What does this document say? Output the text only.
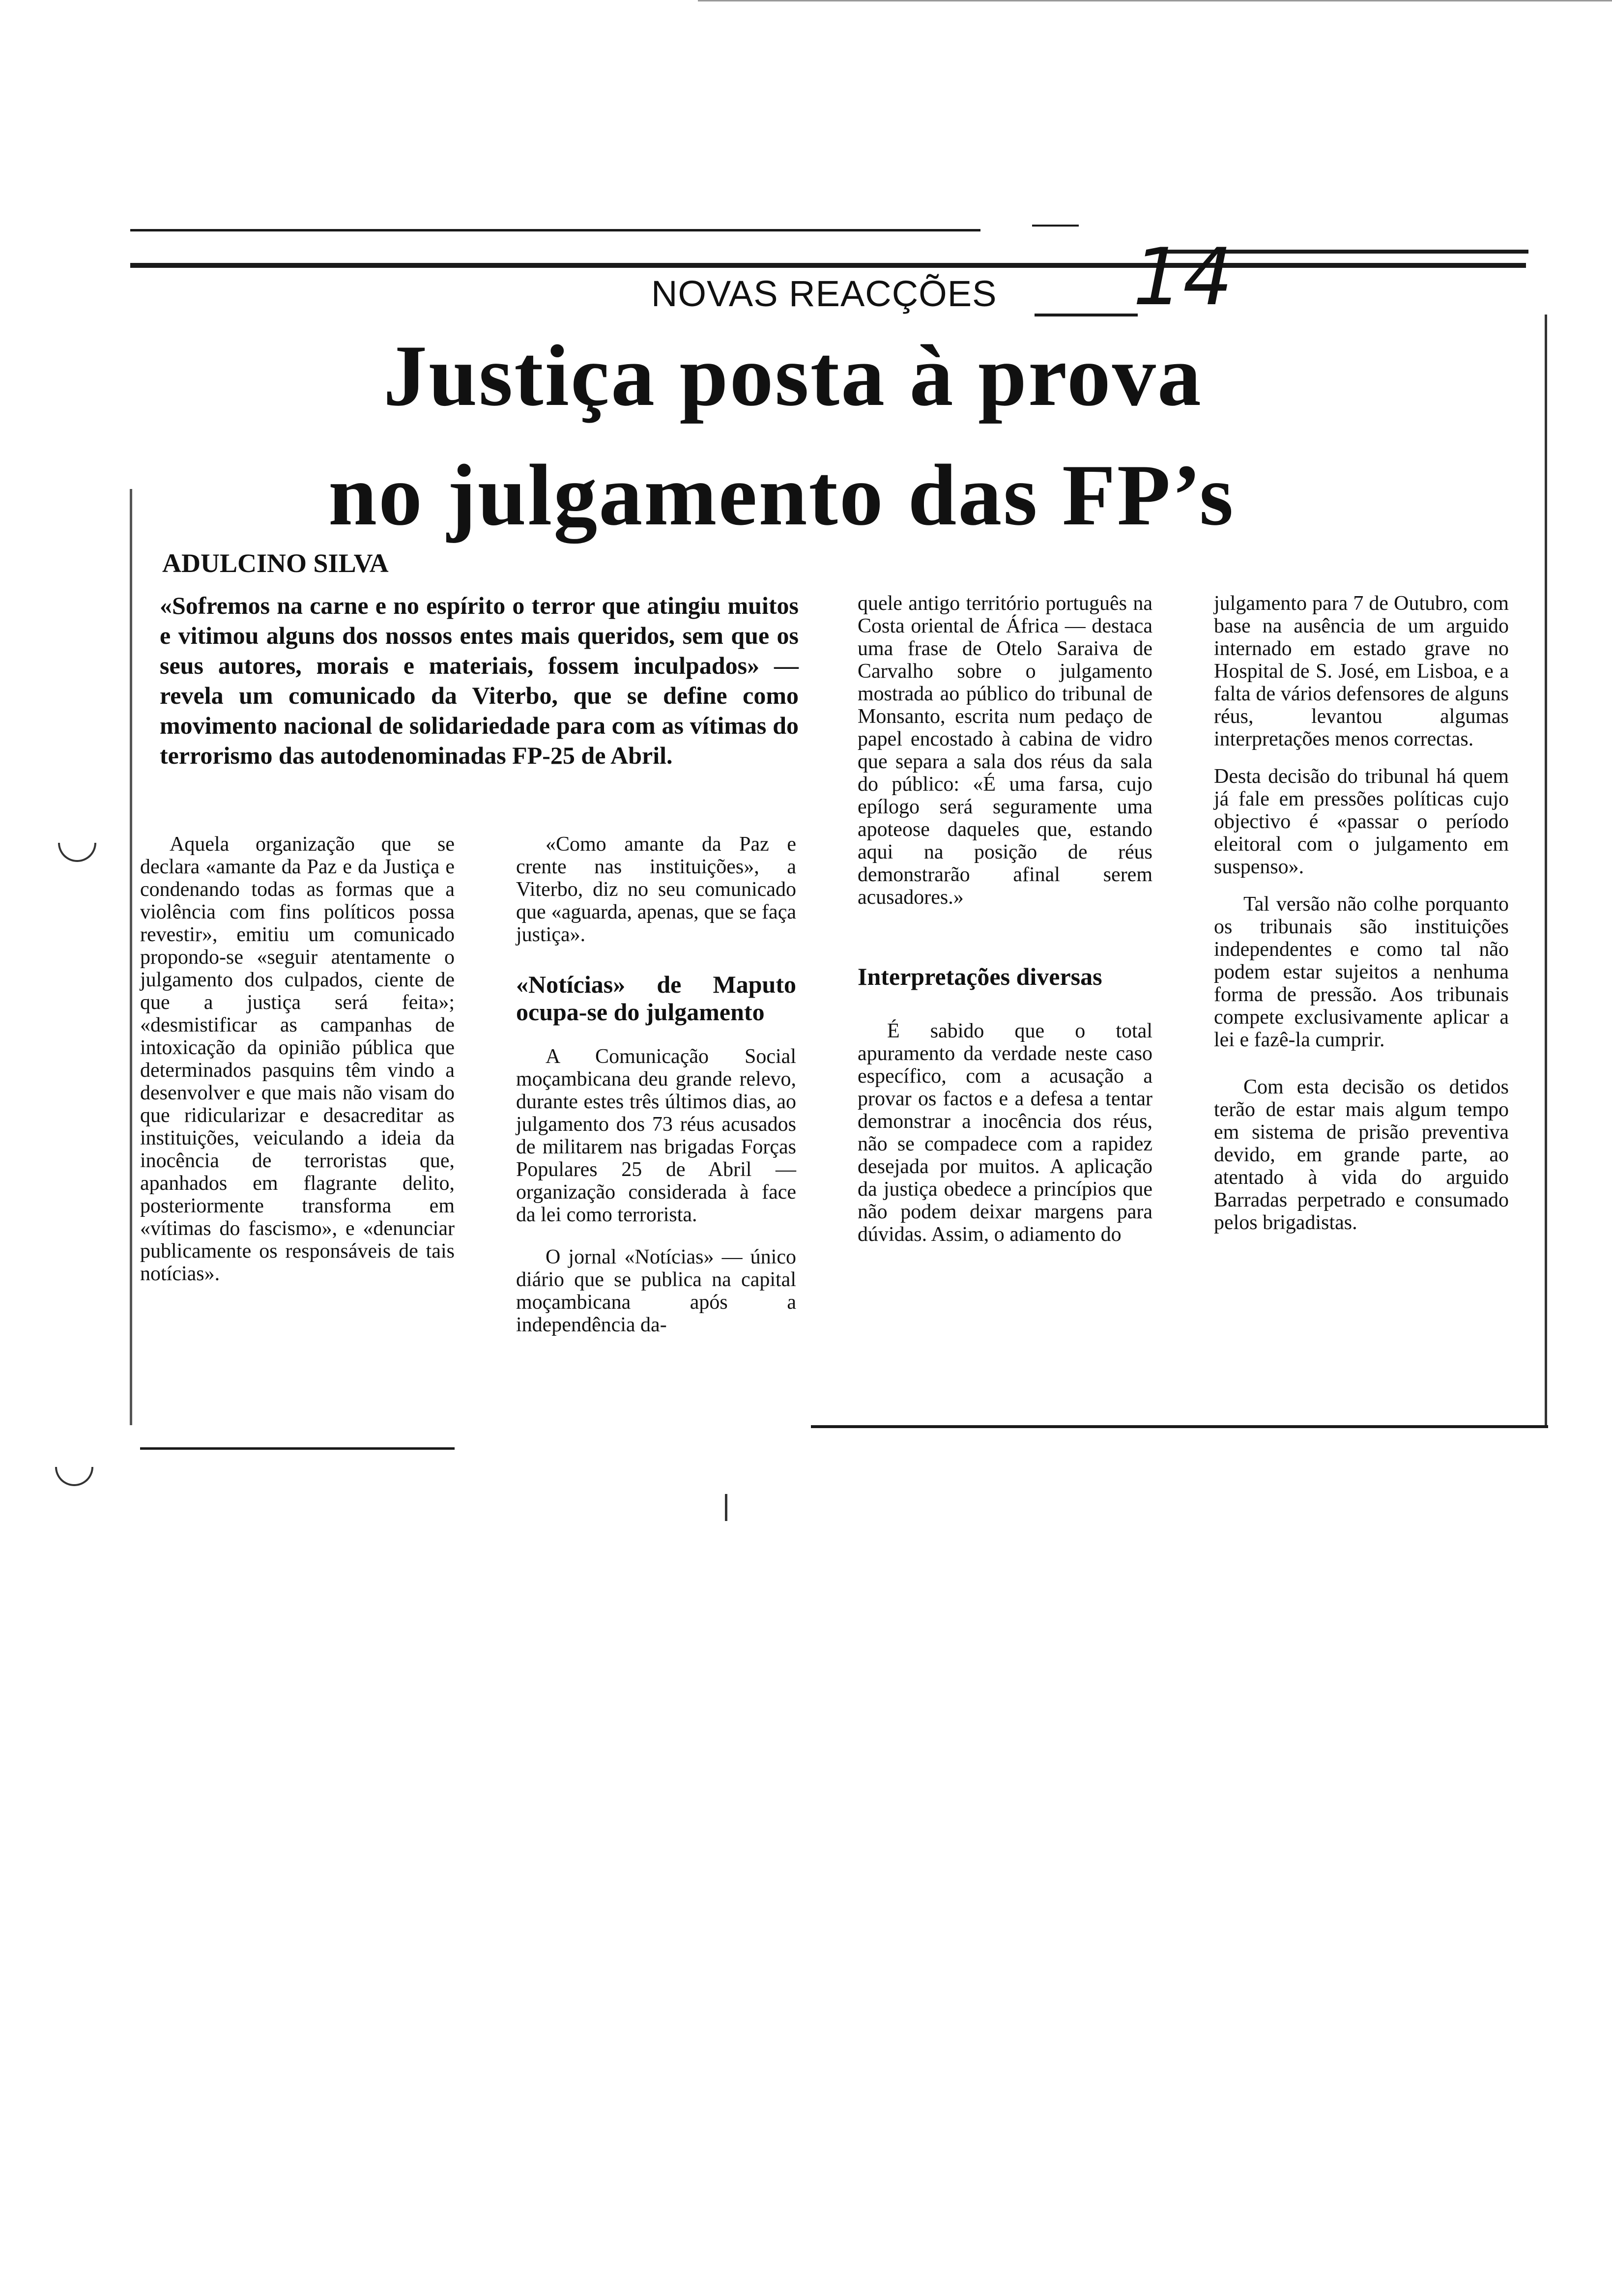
NOVAS REACÇÕES 14
Justiça posta à prova
no julgamento das FP’s
ADULCINO SILVA
«Sofremos na carne e no espírito o terror que atingiu muitos e vitimou alguns dos nossos entes mais queridos, sem que os seus autores, morais e materiais, fossem inculpados» — revela um comunicado da Viterbo, que se define como movimento nacional de solidariedade para com as vítimas do terrorismo das autodenominadas FP-25 de Abril.

Aquela organização que se declara «amante da Paz e da Justiça e condenando todas as formas que a violência com fins políticos possa revestir», emitiu um comunicado propondo-se «seguir atentamente o julgamento dos culpados, ciente de que a justiça será feita»; «desmistificar as campanhas de intoxicação da opinião pública que determinados pasquins têm vindo a desenvolver e que mais não visam do que ridicularizar e desacreditar as instituições, veiculando a ideia da inocência de terroristas que, apanhados em flagrante delito, posteriormente transforma em «vítimas do fascismo», e «denunciar publicamente os responsáveis de tais notícias».

«Como amante da Paz e crente nas instituições», a Viterbo, diz no seu comunicado que «aguarda, apenas, que se faça justiça».

«Notícias» de Maputo ocupa-se do julgamento

A Comunicação Social moçambicana deu grande relevo, durante estes três últimos dias, ao julgamento dos 73 réus acusados de militarem nas brigadas Forças Populares 25 de Abril — organização considerada à face da lei como terrorista.

O jornal «Notícias» — único diário que se publica na capital moçambicana após a independência da-

quele antigo território português na Costa oriental de África — destaca uma frase de Otelo Saraiva de Carvalho sobre o julgamento mostrada ao público do tribunal de Monsanto, escrita num pedaço de papel encostado à cabina de vidro que separa a sala dos réus da sala do público: «É uma farsa, cujo epílogo será seguramente uma apoteose daqueles que, estando aqui na posição de réus demonstrarão afinal serem acusadores.»

Interpretações diversas

É sabido que o total apuramento da verdade neste caso específico, com a acusação a provar os factos e a defesa a tentar demonstrar a inocência dos réus, não se compadece com a rapidez desejada por muitos. A aplicação da justiça obedece a princípios que não podem deixar margens para dúvidas. Assim, o adiamento do

julgamento para 7 de Outubro, com base na ausência de um arguido internado em estado grave no Hospital de S. José, em Lisboa, e a falta de vários defensores de alguns réus, levantou algumas interpretações menos correctas.

Desta decisão do tribunal há quem já fale em pressões políticas cujo objectivo é «passar o período eleitoral com o julgamento em suspenso».

Tal versão não colhe porquanto os tribunais são instituições independentes e como tal não podem estar sujeitos a nenhuma forma de pressão. Aos tribunais compete exclusivamente aplicar a lei e fazê-la cumprir.

Com esta decisão os detidos terão de estar mais algum tempo em sistema de prisão preventiva devido, em grande parte, ao atentado à vida do arguido Barradas perpetrado e consumado pelos brigadistas.
